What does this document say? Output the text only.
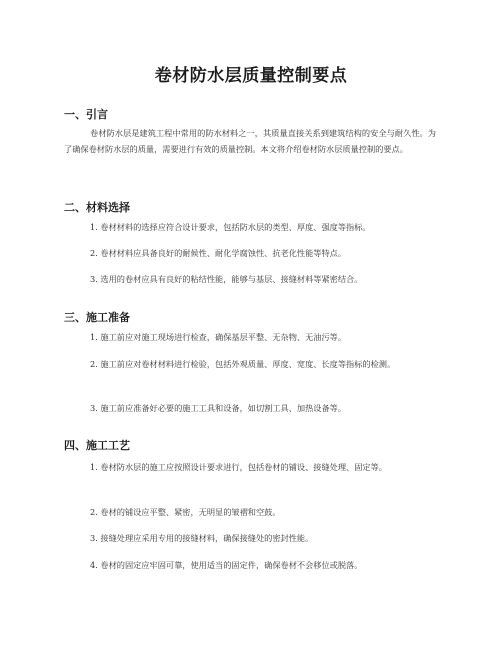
卷材防水层质量控制要点
一、引言
卷材防水层是建筑工程中常用的防水材料之一，其质量直接关系到建筑结构的安全与耐久性。为了确保卷材防水层的质量，需要进行有效的质量控制。本文将介绍卷材防水层质量控制的要点。
二、材料选择
1. 卷材材料的选择应符合设计要求，包括防水层的类型、厚度、强度等指标。
2. 卷材材料应具备良好的耐候性、耐化学腐蚀性、抗老化性能等特点。
3. 选用的卷材应具有良好的粘结性能，能够与基层、接缝材料等紧密结合。
三、施工准备
1. 施工前应对施工现场进行检查，确保基层平整、无杂物、无油污等。
2. 施工前应对卷材材料进行检验，包括外观质量、厚度、宽度、长度等指标的检测。
3. 施工前应准备好必要的施工工具和设备，如切割工具、加热设备等。
四、施工工艺
1. 卷材防水层的施工应按照设计要求进行，包括卷材的铺设、接缝处理、固定等。
2. 卷材的铺设应平整、紧密，无明显的皱褶和空鼓。
3. 接缝处理应采用专用的接缝材料，确保接缝处的密封性能。
4. 卷材的固定应牢固可靠，使用适当的固定件，确保卷材不会移位或脱落。
